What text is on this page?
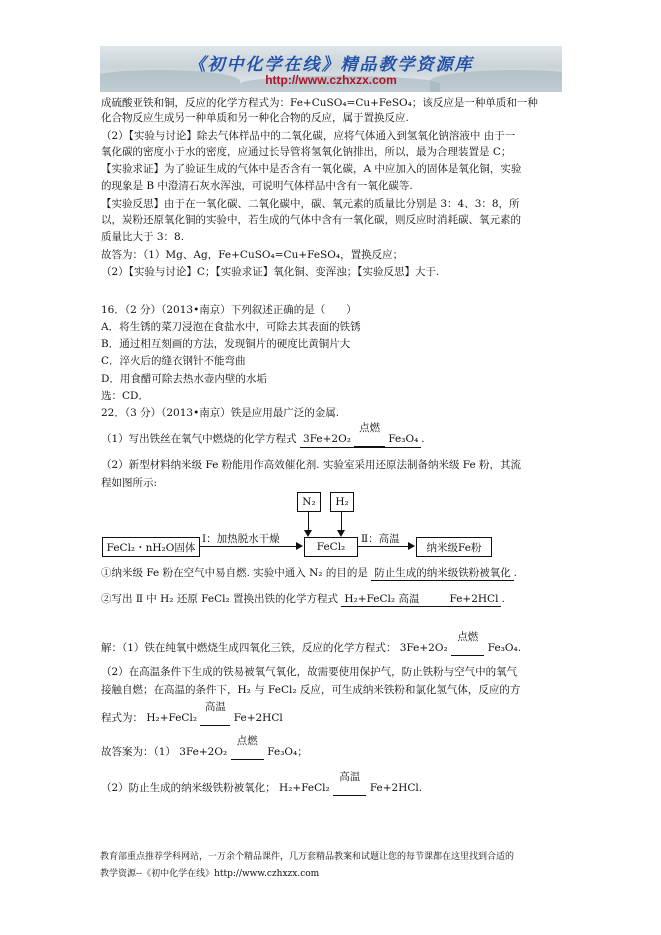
《初中化学在线》精品教学资源库
http://www.czhxzx.com
成硫酸亚铁和铜，反应的化学方程式为：Fe+CuSO₄=Cu+FeSO₄；该反应是一种单质和一种
化合物反应生成另一种单质和另一种化合物的反应，属于置换反应.
（2）【实验与讨论】除去气体样品中的二氧化碳，应将气体通入到氢氧化钠溶液中 由于一
氧化碳的密度小于水的密度，应通过长导管将氢氧化钠排出，所以，最为合理装置是 C；
【实验求证】为了验证生成的气体中是否含有一氧化碳，A 中应加入的固体是氧化铜，实验
的现象是 B 中澄清石灰水浑浊，可说明气体样品中含有一氧化碳等.
【实验反思】由于在一氧化碳、二氧化碳中，碳、氧元素的质量比分别是 3：4、3：8，所
以，炭粉还原氧化铜的实验中，若生成的气体中含有一氧化碳，则反应时消耗碳、氧元素的
质量比大于 3：8.
故答为：（1）Mg、Ag，Fe+CuSO₄=Cu+FeSO₄，置换反应；
（2）【实验与讨论】C；【实验求证】氧化铜、变浑浊；【实验反思】大于.
16．（2 分）（2013•南京）下列叙述正确的是（　　）
A．将生锈的菜刀浸泡在食盐水中，可除去其表面的铁锈
B．通过相互刻画的方法，发现铜片的硬度比黄铜片大
C．淬火后的缝衣钢针不能弯曲
D．用食醋可除去热水壶内壁的水垢
选：CD．
22．（3 分）（2013•南京）铁是应用最广泛的金属.
（1）写出铁丝在氧气中燃烧的化学方程式 3Fe+2O₂
点燃
Fe₃O₄ .
（2）新型材料纳米级 Fe 粉能用作高效催化剂. 实验室采用还原法制备纳米级 Fe 粉，其流
程如图所示:
FeCl₂・nH₂O固体
Ⅰ：加热脱水干燥
FeCl₂
Ⅱ：高温
纳米级Fe粉
N₂	H₂
①纳米级 Fe 粉在空气中易自燃. 实验中通入 N₂ 的目的是 防止生成的纳米级铁粉被氧化 .
②写出 Ⅱ 中 H₂ 还原 FeCl₂ 置换出铁的化学方程式 H₂+FeCl₂ 高温	Fe+2HCl .
解：（1）铁在纯氧中燃烧生成四氧化三铁，反应的化学方程式： 3Fe+2O₂
点燃
Fe₃O₄.
（2）在高温条件下生成的铁易被氧气氧化，故需要使用保护气，防止铁粉与空气中的氧气
接触自燃；在高温的条件下，H₂ 与 FeCl₂ 反应，可生成纳米铁粉和氯化氢气体，反应的方
程式为： H₂+FeCl₂
高温
Fe+2HCl
故答案为：（1） 3Fe+2O₂
点燃
Fe₃O₄；
（2）防止生成的纳米级铁粉被氧化； H₂+FeCl₂
高温
Fe+2HCl.
教育部重点推荐学科网站，一万余个精品课件，几万套精品教案和试题让您的每节课都在这里找到合适的
教学资源--《初中化学在线》http://www.czhxzx.com
